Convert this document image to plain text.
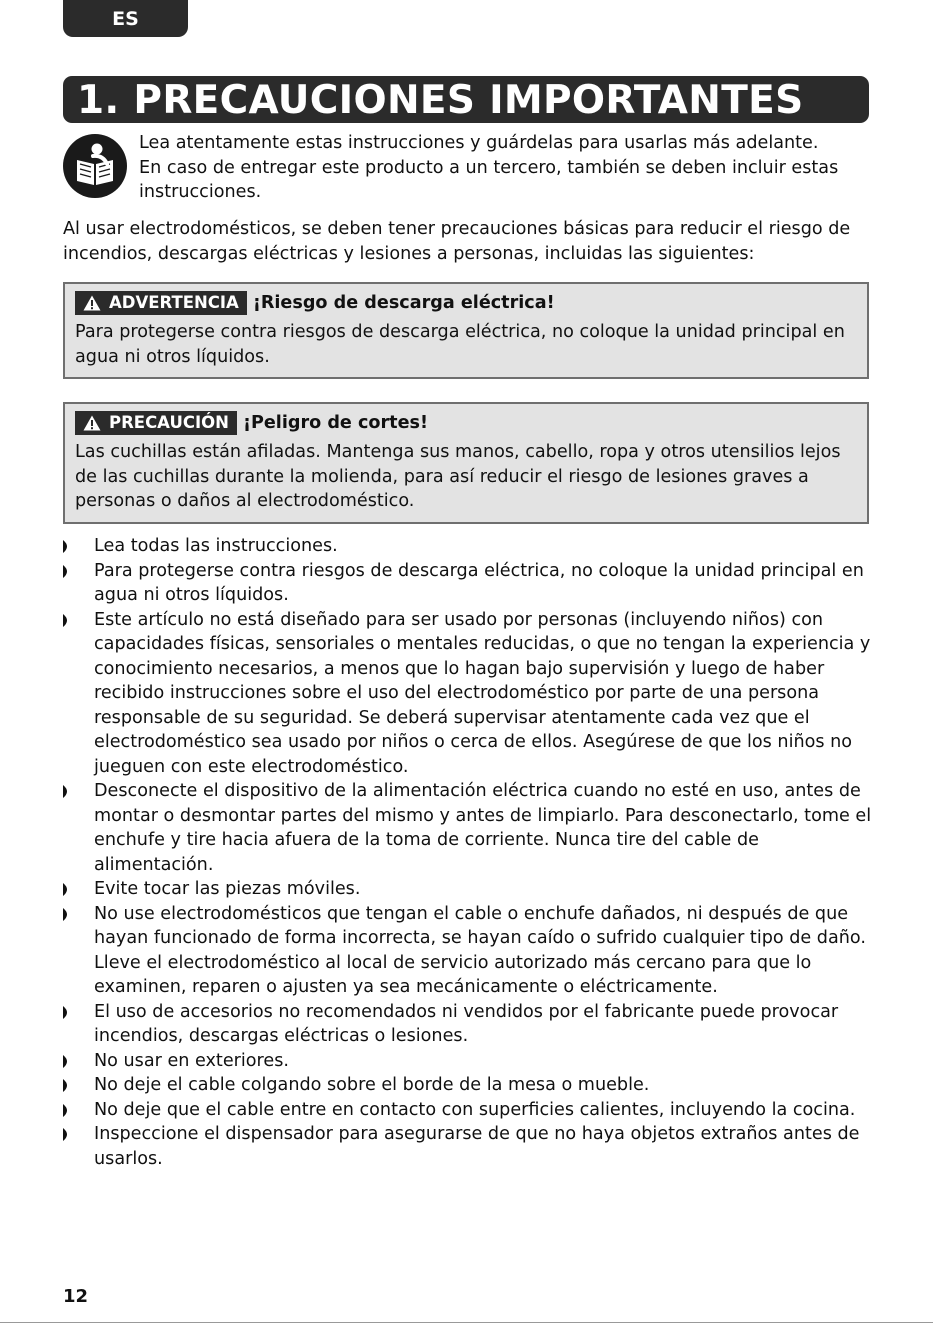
ES
1. PRECAUCIONES IMPORTANTES
Lea atentamente estas instrucciones y guárdelas para usarlas más adelante.
En caso de entregar este producto a un tercero, también se deben incluir estas
instrucciones.
Al usar electrodomésticos, se deben tener precauciones básicas para reducir el riesgo de incendios, descargas eléctricas y lesiones a personas, incluidas las siguientes:
ADVERTENCIA ¡Riesgo de descarga eléctrica!
Para protegerse contra riesgos de descarga eléctrica, no coloque la unidad principal en agua ni otros líquidos.
PRECAUCIÓN ¡Peligro de cortes!
Las cuchillas están afiladas. Mantenga sus manos, cabello, ropa y otros utensilios lejos de las cuchillas durante la molienda, para así reducir el riesgo de lesiones graves a personas o daños al electrodoméstico.
Lea todas las instrucciones.
Para protegerse contra riesgos de descarga eléctrica, no coloque la unidad principal en agua ni otros líquidos.
Este artículo no está diseñado para ser usado por personas (incluyendo niños) con capacidades físicas, sensoriales o mentales reducidas, o que no tengan la experiencia y conocimiento necesarios, a menos que lo hagan bajo supervisión y luego de haber recibido instrucciones sobre el uso del electrodoméstico por parte de una persona responsable de su seguridad. Se deberá supervisar atentamente cada vez que el electrodoméstico sea usado por niños o cerca de ellos. Asegúrese de que los niños no jueguen con este electrodoméstico.
Desconecte el dispositivo de la alimentación eléctrica cuando no esté en uso, antes de montar o desmontar partes del mismo y antes de limpiarlo. Para desconectarlo, tome el enchufe y tire hacia afuera de la toma de corriente. Nunca tire del cable de alimentación.
Evite tocar las piezas móviles.
No use electrodomésticos que tengan el cable o enchufe dañados, ni después de que hayan funcionado de forma incorrecta, se hayan caído o sufrido cualquier tipo de daño. Lleve el electrodoméstico al local de servicio autorizado más cercano para que lo examinen, reparen o ajusten ya sea mecánicamente o eléctricamente.
El uso de accesorios no recomendados ni vendidos por el fabricante puede provocar incendios, descargas eléctricas o lesiones.
No usar en exteriores.
No deje el cable colgando sobre el borde de la mesa o mueble.
No deje que el cable entre en contacto con superficies calientes, incluyendo la cocina.
Inspeccione el dispensador para asegurarse de que no haya objetos extraños antes de usarlos.
12
